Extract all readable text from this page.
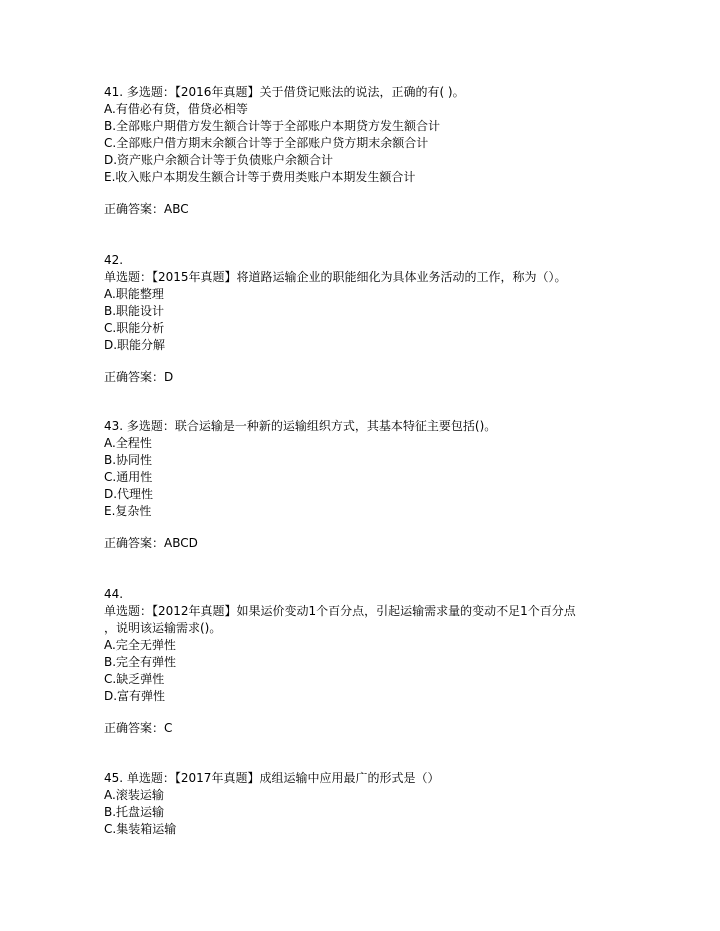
41. 多选题：【2016年真题】关于借贷记账法的说法，正确的有( )。
A.有借必有贷，借贷必相等
B.全部账户期借方发生额合计等于全部账户本期贷方发生额合计
C.全部账户借方期末余额合计等于全部账户贷方期末余额合计
D.资产账户余额合计等于负债账户余额合计
E.收入账户本期发生额合计等于费用类账户本期发生额合计
正确答案：ABC
42.
单选题：【2015年真题】将道路运输企业的职能细化为具体业务活动的工作，称为（）。
A.职能整理
B.职能设计
C.职能分析
D.职能分解
正确答案：D
43. 多选题：联合运输是一种新的运输组织方式，其基本特征主要包括()。
A.全程性
B.协同性
C.通用性
D.代理性
E.复杂性
正确答案：ABCD
44.
单选题：【2012年真题】如果运价变动1个百分点，引起运输需求量的变动不足1个百分点
，说明该运输需求()。
A.完全无弹性
B.完全有弹性
C.缺乏弹性
D.富有弹性
正确答案：C
45. 单选题：【2017年真题】成组运输中应用最广的形式是（）
A.滚装运输
B.托盘运输
C.集装箱运输
